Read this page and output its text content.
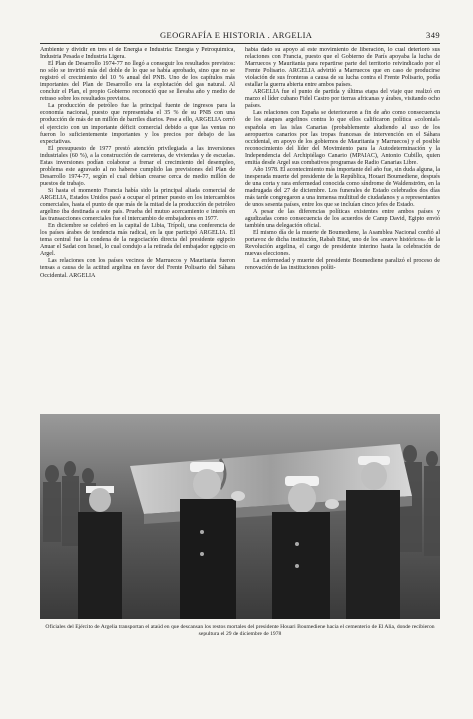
GEOGRAFÍA E HISTORIA . ARGELIA	349

Ambiente y dividir en tres el de Energía e Industria: Energía y Petroquímica, Industria Pesada e Industria Ligera.

El Plan de Desarrollo 1974-77 no llegó a conseguir los resultados previstos: no sólo se invirtió más del doble de lo que se había aprobado, sino que no se registró el crecimiento del 10 % anual del PNB. Uno de los capítulos más importantes del Plan de Desarrollo era la explotación del gas natural. Al concluir el Plan, el propio Gobierno reconoció que se llevaba año y medio de retraso sobre los resultados previstos.

La producción de petróleo fue la principal fuente de ingresos para la economía nacional, puesto que representaba el 35 % de su PNB con una producción de más de un millón de barriles diarios. Pese a ello, ARGELIA cerró el ejercicio con un importante déficit comercial debido a que las ventas no fueron lo suficientemente importantes y los precios por debajo de las expectativas.

El presupuesto de 1977 prestó atención privilegiada a las inversiones industriales (60 %), a la construcción de carreteras, de viviendas y de escuelas. Estas inversiones podían colaborar a frenar el crecimiento del desempleo, problema este agravado al no haberse cumplido las previsiones del Plan de Desarrollo 1974-77, según el cual debían crearse cerca de medio millón de puestos de trabajo.

Si hasta el momento Francia había sido la principal aliada comercial de ARGELIA, Estados Unidos pasó a ocupar el primer puesto en los intercambios comerciales, hasta el punto de que más de la mitad de la producción de petróleo argelino iba destinada a este país. Prueba del mutuo acercamiento e interés en las transacciones comerciales fue el intercambio de embajadores en 1977.

En diciembre se celebró en la capital de Libia, Trípoli, una conferencia de los países árabes de tendencia más radical, en la que participó ARGELIA. El tema central fue la condena de la negociación directa del presidente egipcio Anuar el Sadat con Israel, lo cual condujo a la retirada del embajador egipcio en Argel.

Las relaciones con los países vecinos de Marruecos y Mauritania fueron tensas a causa de la actitud argelina en favor del Frente Polisario del Sáhara Occidental. ARGELIA

había dado su apoyo al este movimiento de liberación, lo cual deterioró sus relaciones con Francia, puesto que el Gobierno de París apoyaba la lucha de Marruecos y Mauritania para repartirse parte del territorio reivindicado por el Frente Polisario. ARGELIA advirtió a Marruecos que en caso de producirse violación de sus fronteras a causa de su lucha contra el Frente Polisario, podía estallar la guerra abierta entre ambos países.

ARGELIA fue el punto de partida y última etapa del viaje que realizó en marzo el líder cubano Fidel Castro por tierras africanas y árabes, visitando ocho países.

Las relaciones con España se deterioraron a fin de año como consecuencia de los ataques argelinos contra lo que ellos calificaron política «colonial» española en las islas Canarias (probablemente aludiendo al uso de los aeropuertos canarios por las tropas francesas de intervención en el Sáhara occidental, en apoyo de los gobiernos de Mauritania y Marruecos) y el posible reconocimiento del líder del Movimiento para la Autodeterminación y la Independencia del Archipiélago Canario (MPAIAC), Antonio Cubillo, quien emitía desde Argel sus combativos programas de Radio Canarias Libre.

Año 1978. El acontecimiento más importante del año fue, sin duda alguna, la inesperada muerte del presidente de la República, Houari Boumediene, después de una corta y rara enfermedad conocida como síndrome de Waldenström, en la madrugada del 27 de diciembre. Los funerales de Estado celebrados dos días más tarde congregaron a una inmensa multitud de ciudadanos y a representantes de unos sesenta países, entre los que se incluían cinco jefes de Estado.

A pesar de las diferencias políticas existentes entre ambos países y agudizadas como consecuencia de los acuerdos de Camp David, Egipto envió también una delegación oficial.

El mismo día de la muerte de Boumediene, la Asamblea Nacional confió al portavoz de dicha institución, Rabah Bitat, uno de los «nueve históricos» de la Revolución argelina, el cargo de presidente interino hasta la celebración de nuevas elecciones.

La enfermedad y muerte del presidente Boumediene paralizó el proceso de renovación de las instituciones políti-

Oficiales del Ejército de Argelia transportan el ataúd en que descansan los restos mortales del presidente Houari Boumediene hacia el cementerio de El Alia, donde recibieron sepultura el 29 de diciembre de 1978
